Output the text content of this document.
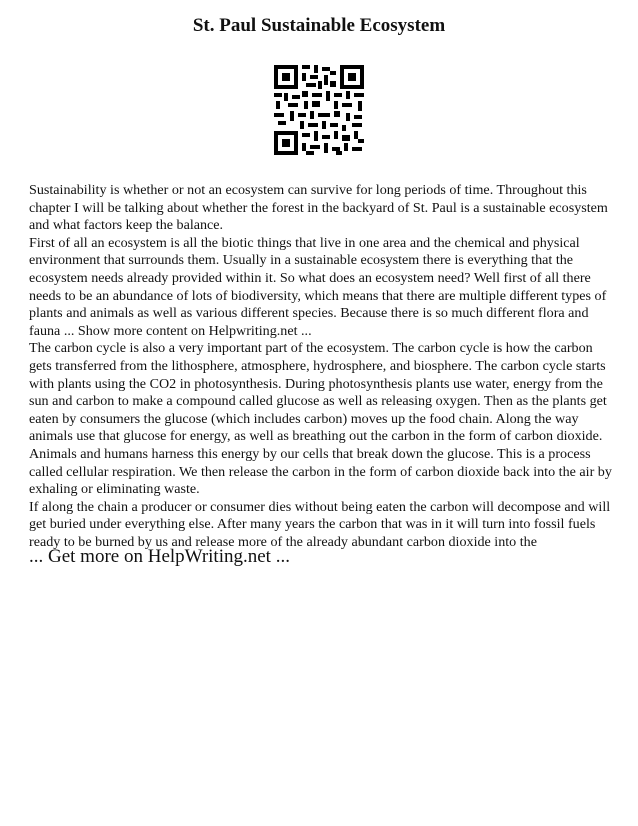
St. Paul Sustainable Ecosystem

Sustainability is whether or not an ecosystem can survive for long periods of time. Throughout this chapter I will be talking about whether the forest in the backyard of St. Paul is a sustainable ecosystem and what factors keep the balance.

First of all an ecosystem is all the biotic things that live in one area and the chemical and physical environment that surrounds them. Usually in a sustainable ecosystem there is everything that the ecosystem needs already provided within it. So what does an ecosystem need? Well first of all there needs to be an abundance of lots of biodiversity, which means that there are multiple different types of plants and animals as well as various different species. Because there is so much different flora and fauna ... Show more content on Helpwriting.net ...

The carbon cycle is also a very important part of the ecosystem. The carbon cycle is how the carbon gets transferred from the lithosphere, atmosphere, hydrosphere, and biosphere. The carbon cycle starts with plants using the CO2 in photosynthesis. During photosynthesis plants use water, energy from the sun and carbon to make a compound called glucose as well as releasing oxygen. Then as the plants get eaten by consumers the glucose (which includes carbon) moves up the food chain. Along the way animals use that glucose for energy, as well as breathing out the carbon in the form of carbon dioxide. Animals and humans harness this energy by our cells that break down the glucose. This is a process called cellular respiration. We then release the carbon in the form of carbon dioxide back into the air by exhaling or eliminating waste.

If along the chain a producer or consumer dies without being eaten the carbon will decompose and will get buried under everything else. After many years the carbon that was in it will turn into fossil fuels ready to be burned by us and release more of the already abundant carbon dioxide into the

... Get more on HelpWriting.net ...
